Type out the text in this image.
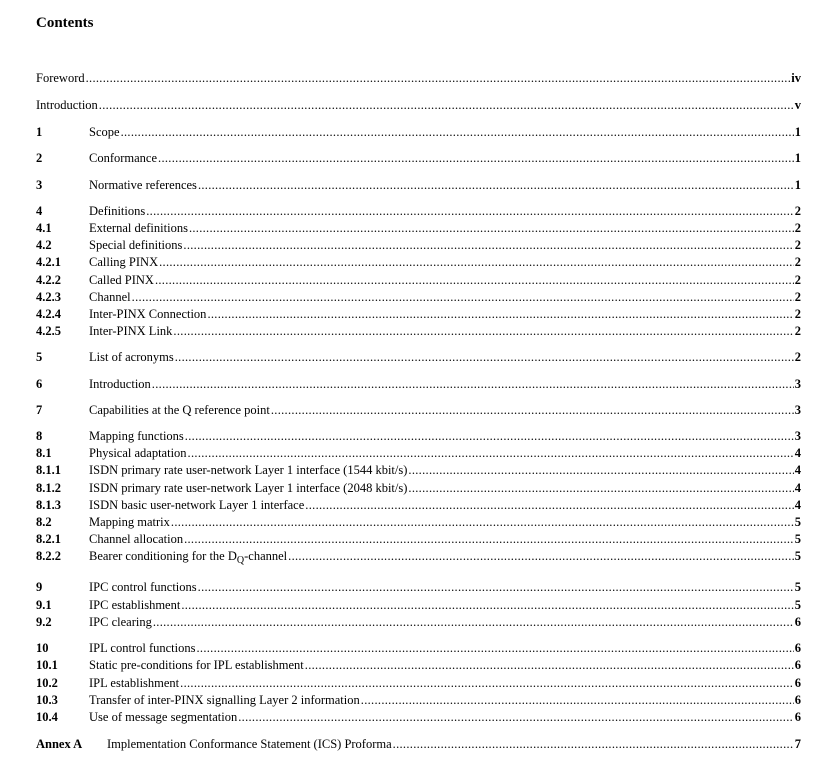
Contents
Foreword .....	iv
Introduction .....	v
1	Scope .....	1
2	Conformance .....	1
3	Normative references .....	1
4	Definitions .....	2
4.1	External definitions .....	2
4.2	Special definitions .....	2
4.2.1	Calling PINX .....	2
4.2.2	Called PINX .....	2
4.2.3	Channel .....	2
4.2.4	Inter-PINX Connection .....	2
4.2.5	Inter-PINX Link .....	2
5	List of acronyms .....	2
6	Introduction .....	3
7	Capabilities at the Q reference point .....	3
8	Mapping functions .....	3
8.1	Physical adaptation .....	4
8.1.1	ISDN primary rate user-network Layer 1 interface (1544 kbit/s) .....	4
8.1.2	ISDN primary rate user-network Layer 1 interface (2048 kbit/s) .....	4
8.1.3	ISDN basic user-network Layer 1 interface .....	4
8.2	Mapping matrix .....	5
8.2.1	Channel allocation .....	5
8.2.2	Bearer conditioning for the $D_Q$-channel .....	5
9	IPC control functions .....	5
9.1	IPC establishment .....	5
9.2	IPC clearing .....	6
10	IPL control functions .....	6
10.1	Static pre-conditions for IPL establishment .....	6
10.2	IPL establishment .....	6
10.3	Transfer of inter-PINX signalling Layer 2 information .....	6
10.4	Use of message segmentation .....	6
Annex A	Implementation Conformance Statement (ICS) Proforma .....	7
